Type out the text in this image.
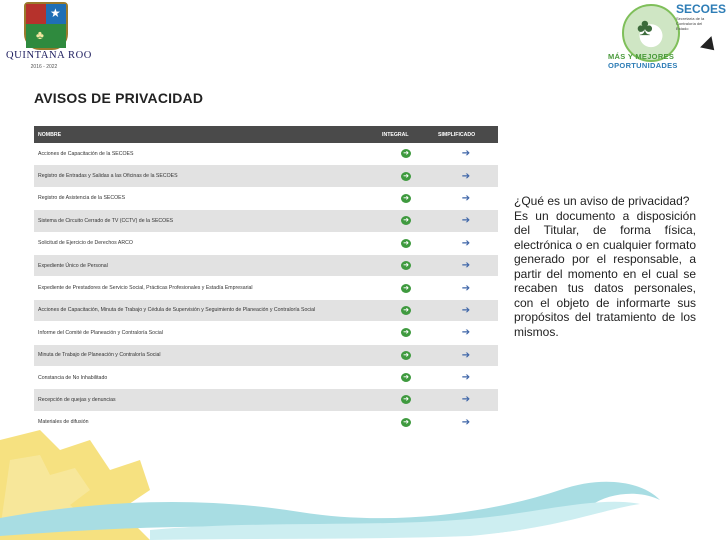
★
♣
QUINTANA ROO
2016 - 2022
♣
SECOES
Secretaría de la Contraloría del Estado
MÁS Y MEJORES
OPORTUNIDADES
AVISOS DE PRIVACIDAD
NOMBRE	INTEGRAL	SIMPLIFICADO
Acciones de Capacitación de la SECOES	➜	➔
Registro de Entradas y Salidas a las Oficinas de la SECOES	➜	➔
Registro de Asistencia de la SECOES	➜	➔
Sistema de Circuito Cerrado de TV (CCTV) de la SECOES	➜	➔
Solicitud de Ejercicio de Derechos ARCO	➜	➔
Expediente Único de Personal	➜	➔
Expediente de Prestadores de Servicio Social, Prácticas Profesionales y Estadía Empresarial	➜	➔
Acciones de Capacitación, Minuta de Trabajo y Cédula de Supervisión y Seguimiento de Planeación y Contraloría Social	➜	➔
Informe del Comité de Planeación y Contraloría Social	➜	➔
Minuta de Trabajo de Planeación y Contraloría Social	➜	➔
Constancia de No Inhabilitado	➜	➔
Recepción de quejas y denuncias	➜	➔
Materiales de difusión	➜	➔
¿Qué es un aviso de privacidad?
Es un documento a disposición del Titular, de forma física, electrónica o en cualquier formato generado por el responsable, a partir del momento en el cual se recaben tus datos personales, con el objeto de informarte sus propósitos del tratamiento de los mismos.
